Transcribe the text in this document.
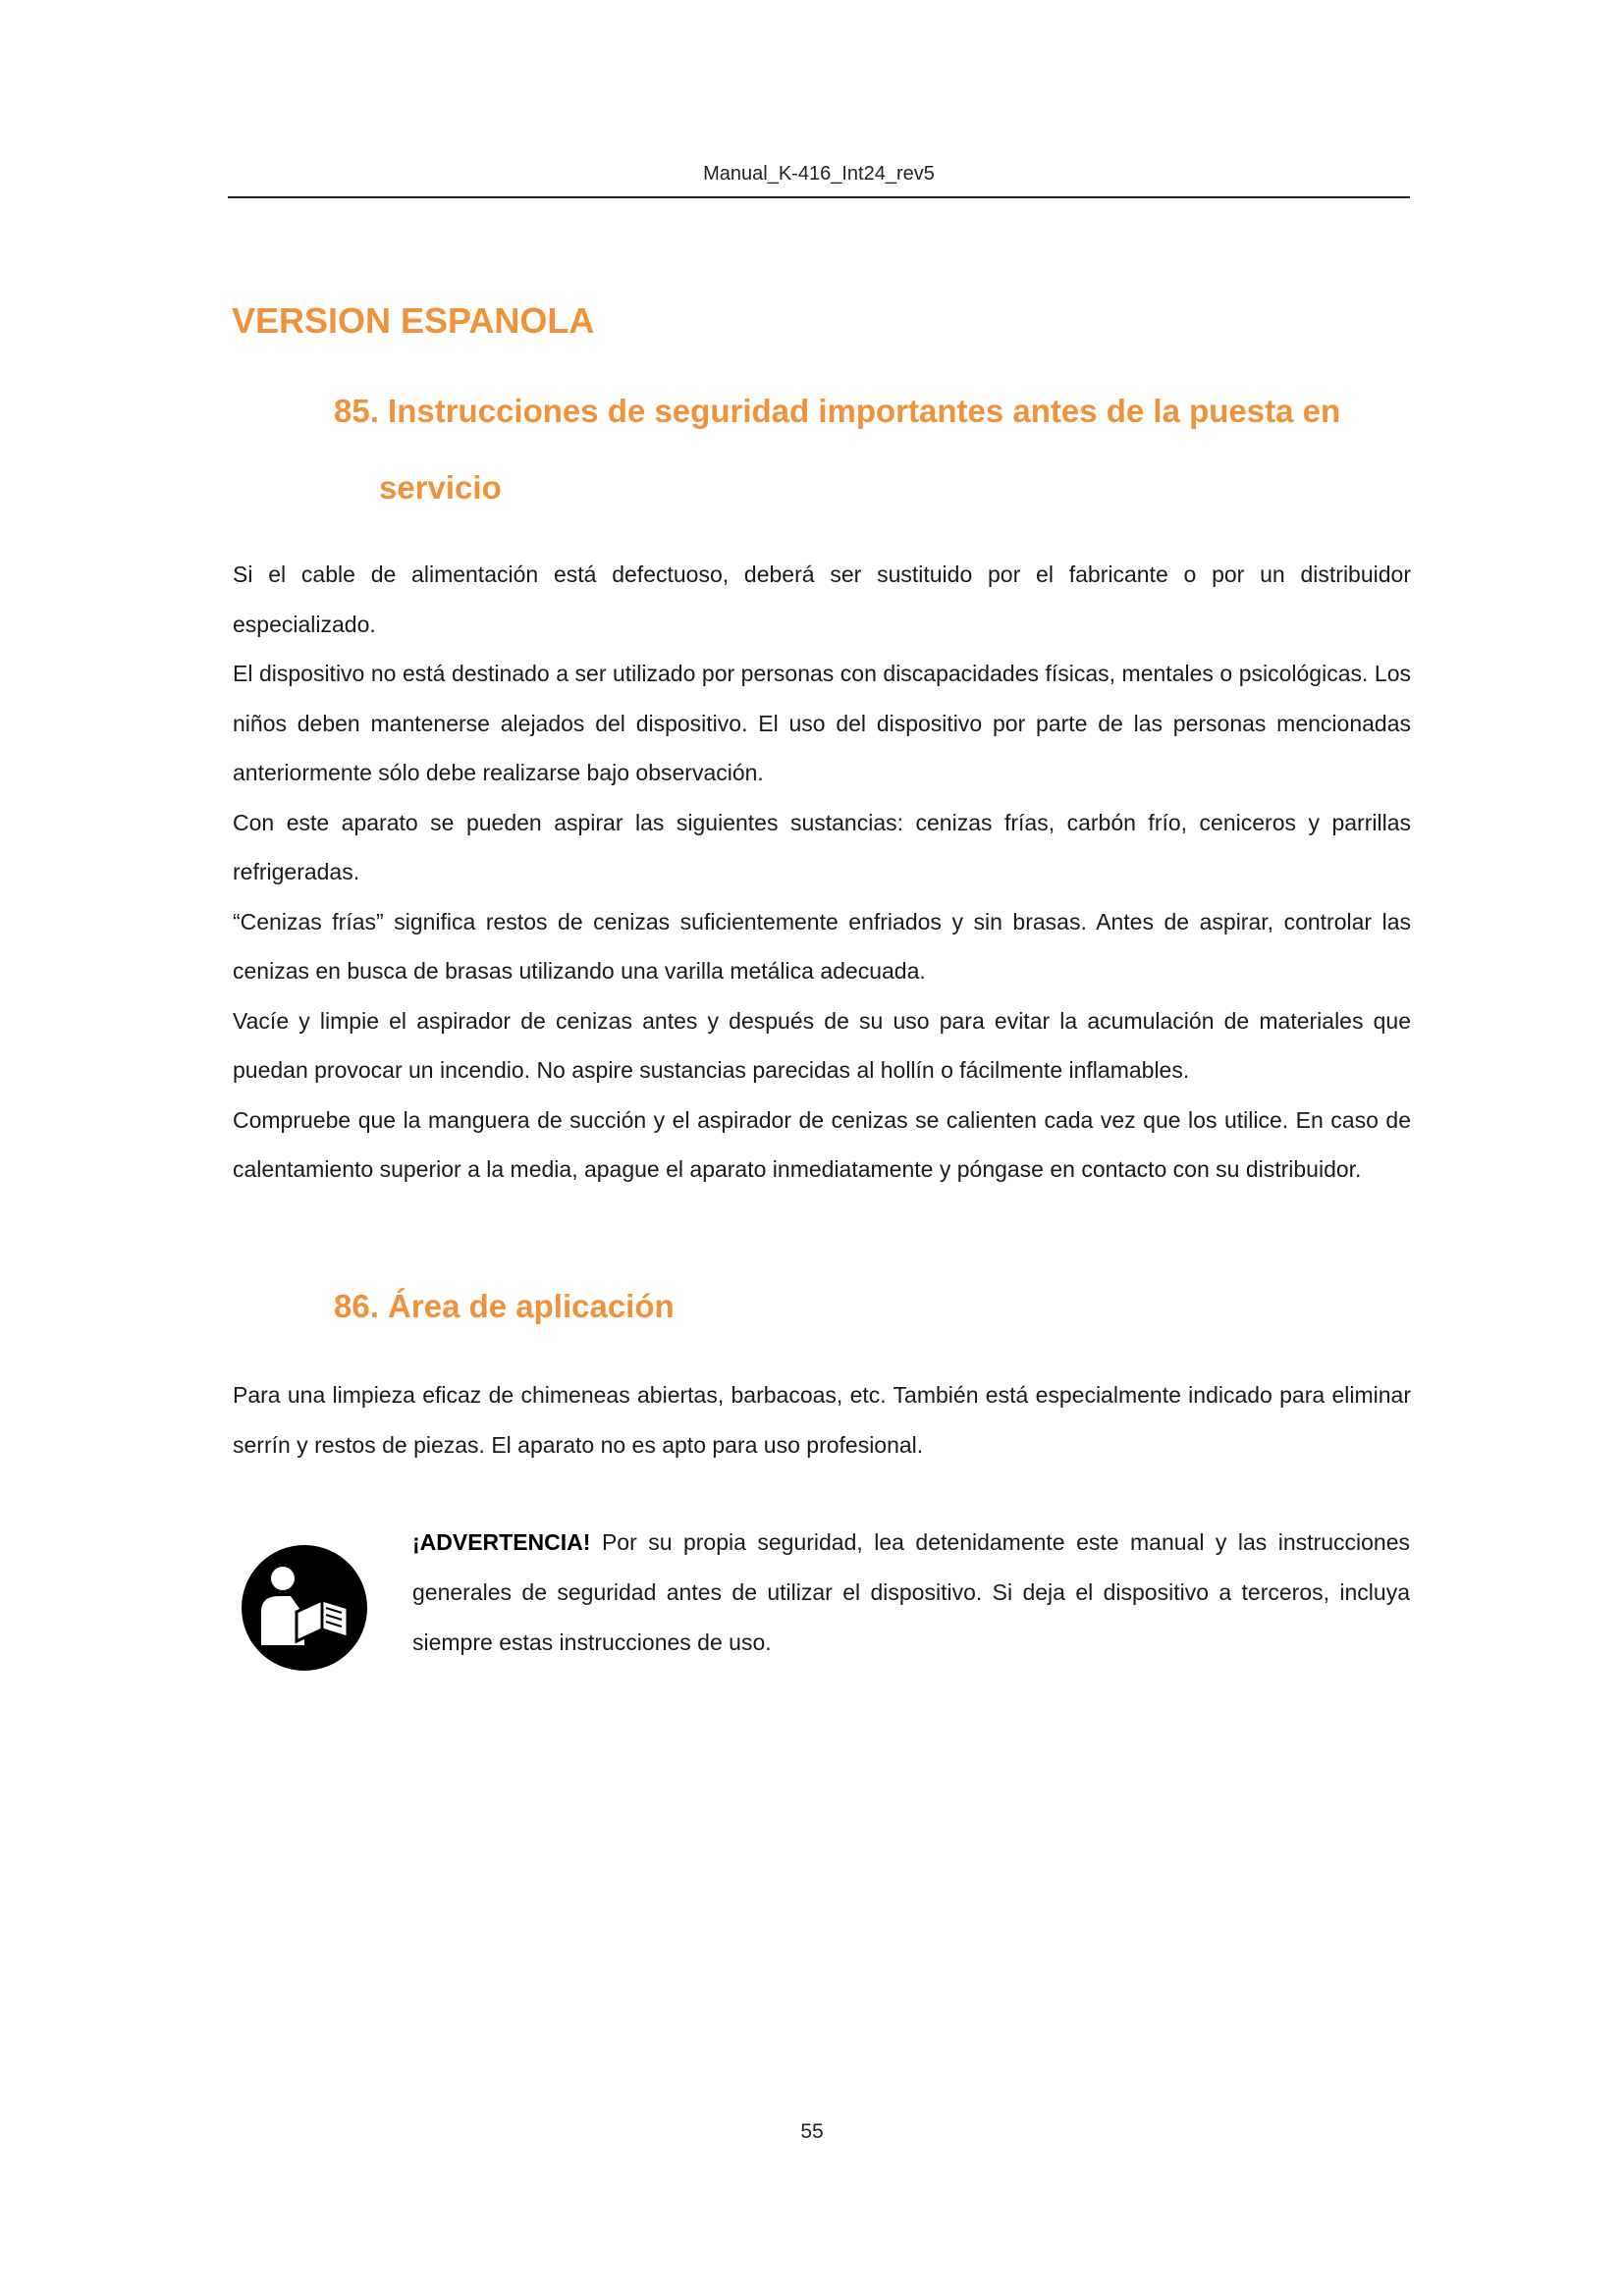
Manual_K-416_Int24_rev5
VERSION ESPANOLA
85. Instrucciones de seguridad importantes antes de la puesta en
servicio

Si el cable de alimentación está defectuoso, deberá ser sustituido por el fabricante o por un distribuidor especializado.

El dispositivo no está destinado a ser utilizado por personas con discapacidades físicas, mentales o psicológicas. Los niños deben mantenerse alejados del dispositivo. El uso del dispositivo por parte de las personas mencionadas anteriormente sólo debe realizarse bajo observación.

Con este aparato se pueden aspirar las siguientes sustancias: cenizas frías, carbón frío, ceniceros y parrillas refrigeradas.

“Cenizas frías” significa restos de cenizas suficientemente enfriados y sin brasas. Antes de aspirar, controlar las cenizas en busca de brasas utilizando una varilla metálica adecuada.

Vacíe y limpie el aspirador de cenizas antes y después de su uso para evitar la acumulación de materiales que puedan provocar un incendio. No aspire sustancias parecidas al hollín o fácilmente inflamables.

Compruebe que la manguera de succión y el aspirador de cenizas se calienten cada vez que los utilice. En caso de calentamiento superior a la media, apague el aparato inmediatamente y póngase en contacto con su distribuidor.

86. Área de aplicación

Para una limpieza eficaz de chimeneas abiertas, barbacoas, etc. También está especialmente indicado para eliminar serrín y restos de piezas. El aparato no es apto para uso profesional.

¡ADVERTENCIA! Por su propia seguridad, lea detenidamente este manual y las instrucciones generales de seguridad antes de utilizar el dispositivo. Si deja el dispositivo a terceros, incluya siempre estas instrucciones de uso.

55
